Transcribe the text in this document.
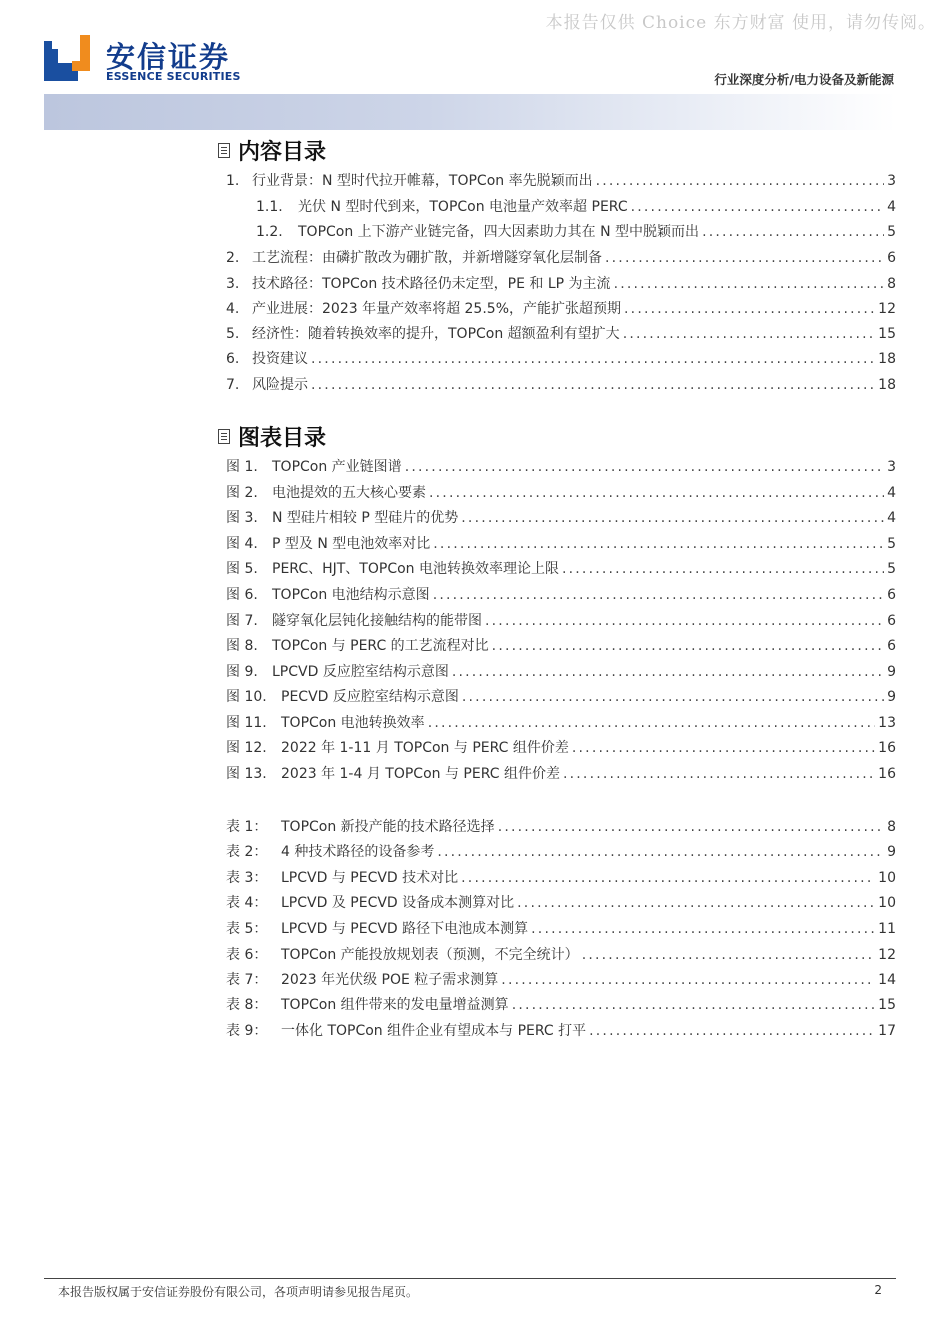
本报告仅供 Choice 东方财富 使用，请勿传阅。
安信证券
ESSENCE SECURITIES	行业深度分析/电力设备及新能源
内容目录
1. 行业背景：N 型时代拉开帷幕，TOPCon 率先脱颖而出 .....	3
1.1.	光伏 N 型时代到来，TOPCon 电池量产效率超 PERC .....	4
1.2.	TOPCon 上下游产业链完备，四大因素助力其在 N 型中脱颖而出 .....	5
2. 工艺流程：由磷扩散改为硼扩散，并新增隧穿氧化层制备 .....	6
3. 技术路径：TOPCon 技术路径仍未定型，PE 和 LP 为主流 .....	8
4. 产业进展：2023 年量产效率将超 25.5%，产能扩张超预期 .....	12
5. 经济性：随着转换效率的提升，TOPCon 超额盈利有望扩大 .....	15
6. 投资建议 .....	18
7. 风险提示 .....	18
图表目录
图 1.	TOPCon 产业链图谱 .....	3
图 2.	电池提效的五大核心要素 .....	4
图 3.	N 型硅片相较 P 型硅片的优势 .....	4
图 4.	P 型及 N 型电池效率对比 .....	5
图 5.	PERC、HJT、TOPCon 电池转换效率理论上限 .....	5
图 6.	TOPCon 电池结构示意图 .....	6
图 7.	隧穿氧化层钝化接触结构的能带图 .....	6
图 8.	TOPCon 与 PERC 的工艺流程对比 .....	6
图 9.	LPCVD 反应腔室结构示意图 .....	9
图 10.	PECVD 反应腔室结构示意图 .....	9
图 11.	TOPCon 电池转换效率 .....	13
图 12.	2022 年 1-11 月 TOPCon 与 PERC 组件价差 .....	16
图 13.	2023 年 1-4 月 TOPCon 与 PERC 组件价差 .....	16
表 1： TOPCon 新投产能的技术路径选择 .....	8
表 2： 4 种技术路径的设备参考 .....	9
表 3： LPCVD 与 PECVD 技术对比 .....	10
表 4： LPCVD 及 PECVD 设备成本测算对比 .....	10
表 5： LPCVD 与 PECVD 路径下电池成本测算 .....	11
表 6： TOPCon 产能投放规划表（预测，不完全统计） .....	12
表 7： 2023 年光伏级 POE 粒子需求测算 .....	14
表 8： TOPCon 组件带来的发电量增益测算 .....	15
表 9： 一体化 TOPCon 组件企业有望成本与 PERC 打平 .....	17
本报告版权属于安信证券股份有限公司，各项声明请参见报告尾页。	2
